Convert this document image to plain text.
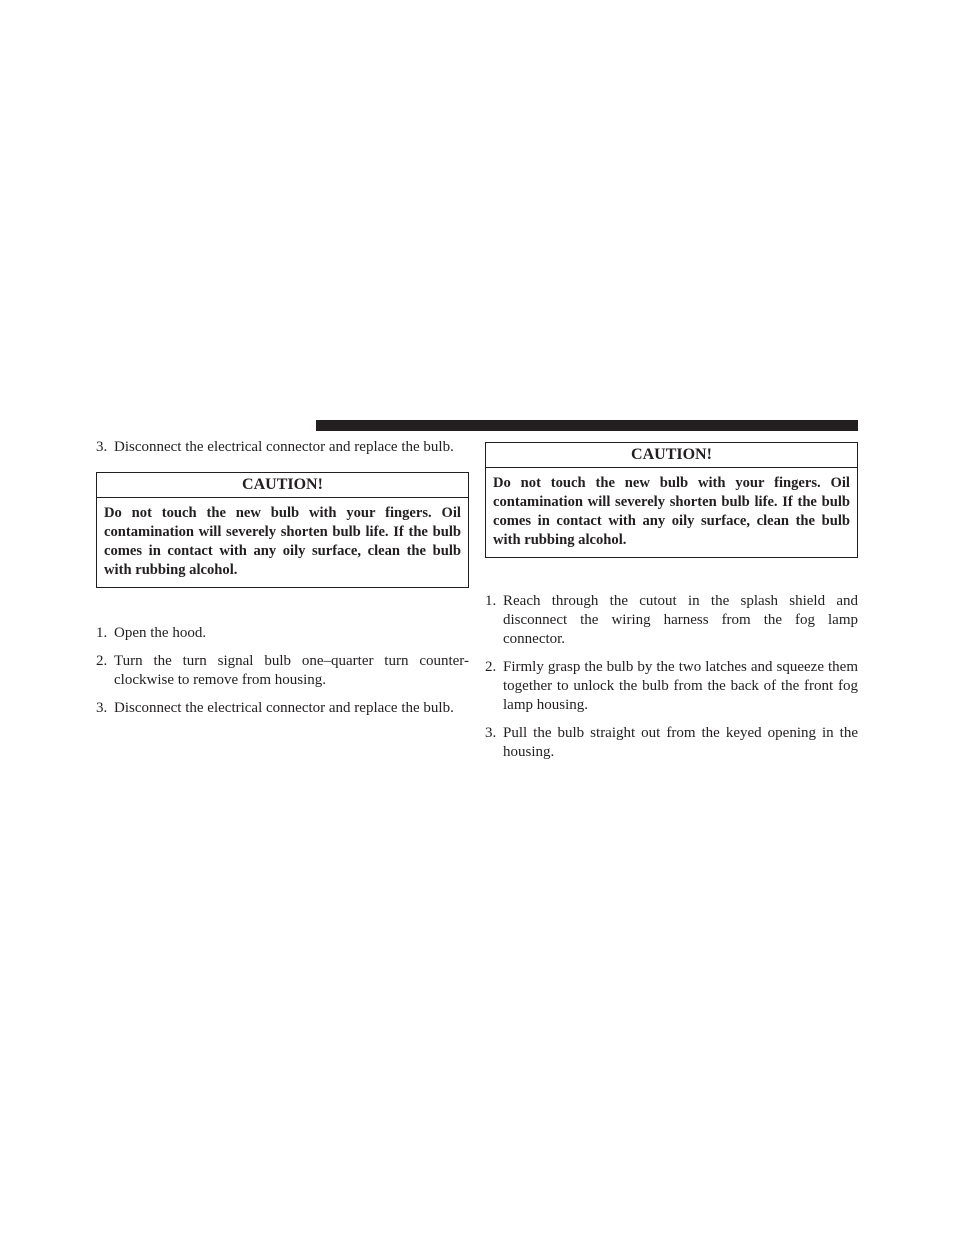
3. Disconnect the electrical connector and replace the bulb.

CAUTION!
Do not touch the new bulb with your fingers. Oil contamination will severely shorten bulb life. If the bulb comes in contact with any oily surface, clean the bulb with rubbing alcohol.

1. Open the hood.

2. Turn the turn signal bulb one–quarter turn counter-clockwise to remove from housing.

3. Disconnect the electrical connector and replace the bulb.

CAUTION!
Do not touch the new bulb with your fingers. Oil contamination will severely shorten bulb life. If the bulb comes in contact with any oily surface, clean the bulb with rubbing alcohol.

1. Reach through the cutout in the splash shield and disconnect the wiring harness from the fog lamp connector.

2. Firmly grasp the bulb by the two latches and squeeze them together to unlock the bulb from the back of the front fog lamp housing.

3. Pull the bulb straight out from the keyed opening in the housing.
